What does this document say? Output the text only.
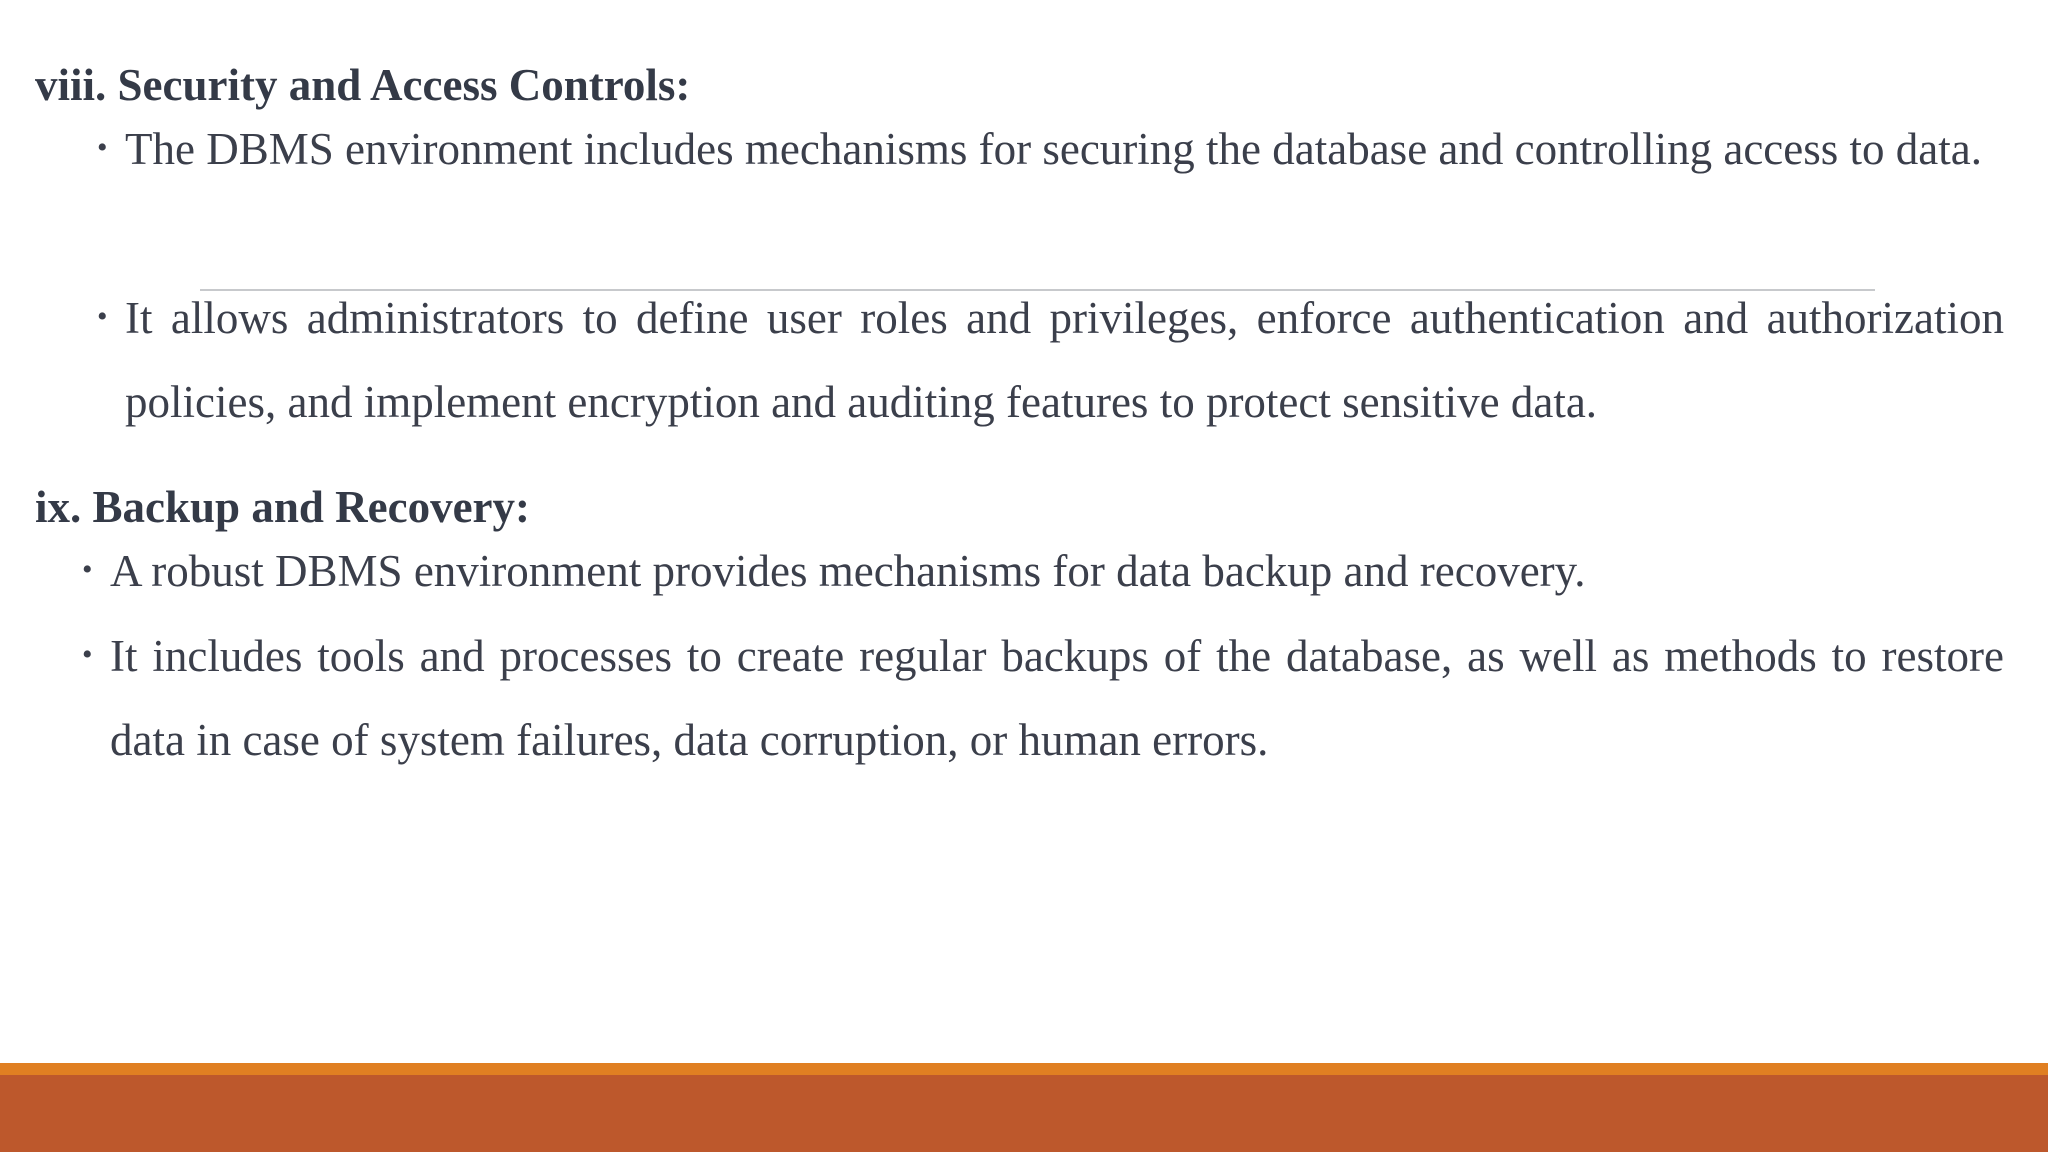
viii. Security and Access Controls:
• The DBMS environment includes mechanisms for securing the database and controlling access to data.
• It allows administrators to define user roles and privileges, enforce authentication and authorization policies, and implement encryption and auditing features to protect sensitive data.
ix. Backup and Recovery:
• A robust DBMS environment provides mechanisms for data backup and recovery.
• It includes tools and processes to create regular backups of the database, as well as methods to restore data in case of system failures, data corruption, or human errors.
